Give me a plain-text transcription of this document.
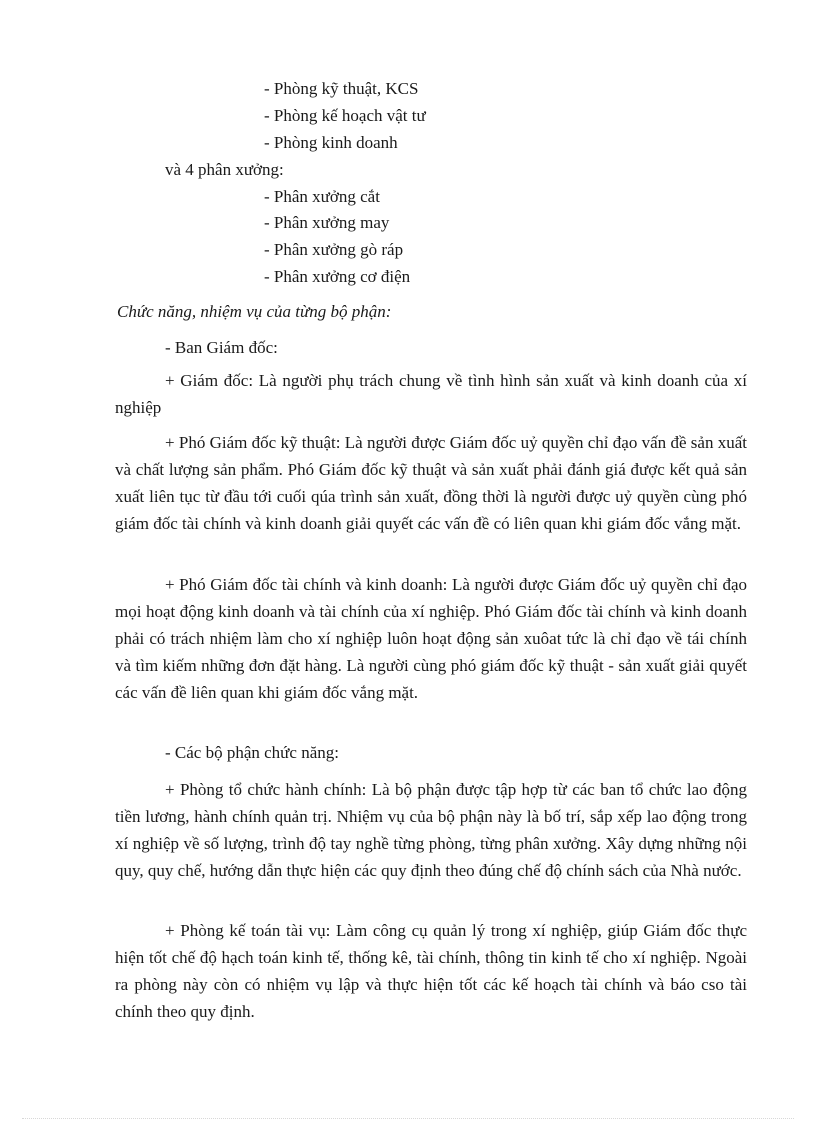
- Phòng kỹ thuật, KCS
- Phòng kế hoạch vật tư
- Phòng kinh doanh
và 4 phân xưởng:
- Phân xưởng cắt
- Phân xưởng may
- Phân xưởng gò ráp
- Phân xưởng cơ điện
Chức năng, nhiệm vụ của từng bộ phận:
- Ban Giám đốc:

+ Giám đốc: Là người phụ trách chung về tình hình sản xuất và kinh doanh của xí nghiệp

+ Phó Giám đốc kỹ thuật: Là người được Giám đốc uỷ quyền chỉ đạo vấn đề sản xuất và chất lượng sản phẩm. Phó Giám đốc kỹ thuật và sản xuất phải đánh giá được kết quả sản xuất liên tục từ đầu tới cuối qúa trình sản xuất, đồng thời là người được uỷ quyền cùng phó giám đốc tài chính và kinh doanh giải quyết các vấn đề có liên quan khi giám đốc vắng mặt.

+ Phó Giám đốc tài chính và kinh doanh: Là người được Giám đốc uỷ quyền chỉ đạo mọi hoạt động kinh doanh và tài chính của xí nghiệp. Phó Giám đốc tài chính và kinh doanh phải có trách nhiệm làm cho xí nghiệp luôn hoạt động sản xuôat tức là chỉ đạo về tái chính và tìm kiếm những đơn đặt hàng. Là người cùng phó giám đốc kỹ thuật - sản xuất giải quyết các vấn đề liên quan khi giám đốc vắng mặt.

- Các bộ phận chức năng:

+ Phòng tổ chức hành chính: Là bộ phận được tập hợp từ các ban tổ chức lao động tiền lương, hành chính quản trị. Nhiệm vụ của bộ phận này là bố trí, sắp xếp lao động trong xí nghiệp về số lượng, trình độ tay nghề từng phòng, từng phân xưởng. Xây dựng những nội quy, quy chế, hướng dẫn thực hiện các quy định theo đúng chế độ chính sách của Nhà nước.

+ Phòng kế toán tài vụ: Làm công cụ quản lý trong xí nghiệp, giúp Giám đốc thực hiện tốt chế độ hạch toán kinh tế, thống kê, tài chính, thông tin kinh tế cho xí nghiệp. Ngoài ra phòng này còn có nhiệm vụ lập và thực hiện tốt các kế hoạch tài chính và báo cso tài chính theo quy định.
